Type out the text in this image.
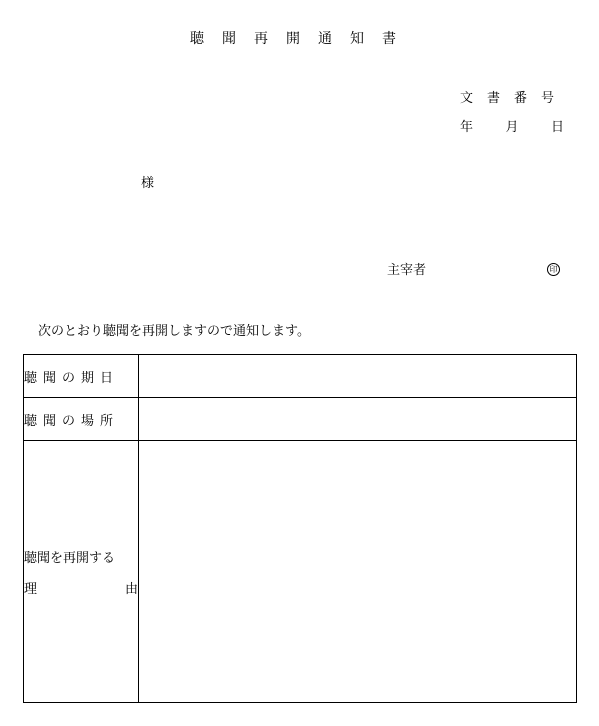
聴聞再開通知書
文書番号
年 月 日
様
主宰者	印
次のとおり聴聞を再開しますので通知します。
聴聞の期日	
聴聞の場所	

聴聞を再開する
理 由	
